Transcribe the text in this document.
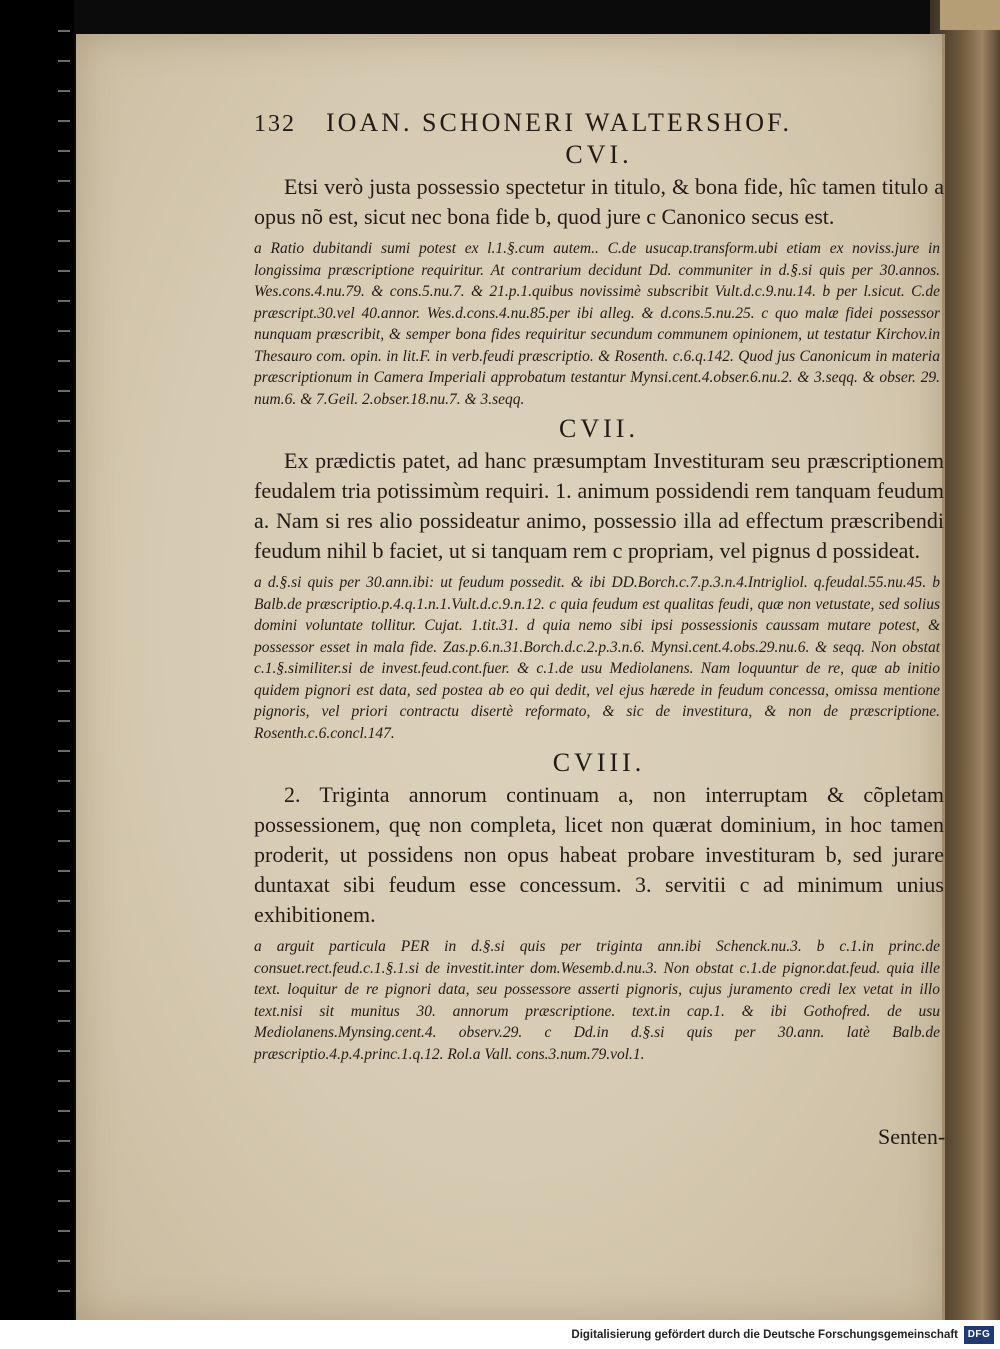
132	IOAN. SCHONERI WALTERSHOF.
CVI.

Etsi verò justa possessio spectetur in titulo, & bona fide, hîc tamen titulo a opus nõ est, sicut nec bona fide b, quod jure c Canonico secus est.

a Ratio dubitandi sumi potest ex l.1.§.cum autem.. C.de usucap.transform.ubi etiam ex noviss.jure in longissima præscriptione requiritur. At contrarium decidunt Dd. communiter in d.§.si quis per 30.annos. Wes.cons.4.nu.79. & cons.5.nu.7. & 21.p.1.quibus novissimè subscribit Vult.d.c.9.nu.14. b per l.sicut. C.de præscript.30.vel 40.annor. Wes.d.cons.4.nu.85.per ibi alleg. & d.cons.5.nu.25. c quo malæ fidei possessor nunquam præscribit, & semper bona fides requiritur secundum communem opinionem, ut testatur Kirchov.in Thesauro com. opin. in lit.F. in verb.feudi præscriptio. & Rosenth. c.6.q.142. Quod jus Canonicum in materia præscriptionum in Camera Imperiali approbatum testantur Mynsi.cent.4.obser.6.nu.2. & 3.seqq. & obser. 29. num.6. & 7.Geil. 2.obser.18.nu.7. & 3.seqq.

CVII.

Ex prædictis patet, ad hanc præsumptam Investituram seu præscriptionem feudalem tria potissimùm requiri. 1. animum possidendi rem tanquam feudum a. Nam si res alio possideatur animo, possessio illa ad effectum præscribendi feudum nihil b faciet, ut si tanquam rem c propriam, vel pignus d possideat.

a d.§.si quis per 30.ann.ibi: ut feudum possedit. & ibi DD.Borch.c.7.p.3.n.4.Intrigliol. q.feudal.55.nu.45. b Balb.de præscriptio.p.4.q.1.n.1.Vult.d.c.9.n.12. c quia feudum est qualitas feudi, quæ non vetustate, sed solius domini voluntate tollitur. Cujat. 1.tit.31. d quia nemo sibi ipsi possessionis caussam mutare potest, & possessor esset in mala fide. Zas.p.6.n.31.Borch.d.c.2.p.3.n.6. Mynsi.cent.4.obs.29.nu.6. & seqq. Non obstat c.1.§.similiter.si de invest.feud.cont.fuer. & c.1.de usu Mediolanens. Nam loquuntur de re, quæ ab initio quidem pignori est data, sed postea ab eo qui dedit, vel ejus hærede in feudum concessa, omissa mentione pignoris, vel priori contractu disertè reformato, & sic de investitura, & non de præscriptione. Rosenth.c.6.concl.147.

CVIII.

2. Triginta annorum continuam a, non interruptam & cõpletam possessionem, quę non completa, licet non quærat dominium, in hoc tamen proderit, ut possidens non opus habeat probare investituram b, sed jurare duntaxat sibi feudum esse concessum. 3. servitii c ad minimum unius exhibitionem.

a arguit particula PER in d.§.si quis per triginta ann.ibi Schenck.nu.3. b c.1.in princ.de consuet.rect.feud.c.1.§.1.si de investit.inter dom.Wesemb.d.nu.3. Non obstat c.1.de pignor.dat.feud. quia ille text. loquitur de re pignori data, seu possessore asserti pignoris, cujus juramento credi lex vetat in illo text.nisi sit munitus 30. annorum præscriptione. text.in cap.1. & ibi Gothofred. de usu Mediolanens.Mynsing.cent.4. observ.29. c Dd.in d.§.si quis per 30.ann. latè Balb.de præscriptio.4.p.4.princ.1.q.12. Rol.a Vall. cons.3.num.79.vol.1.

Senten-
Digitalisierung gefördert durch die Deutsche Forschungsgemeinschaft DFG
